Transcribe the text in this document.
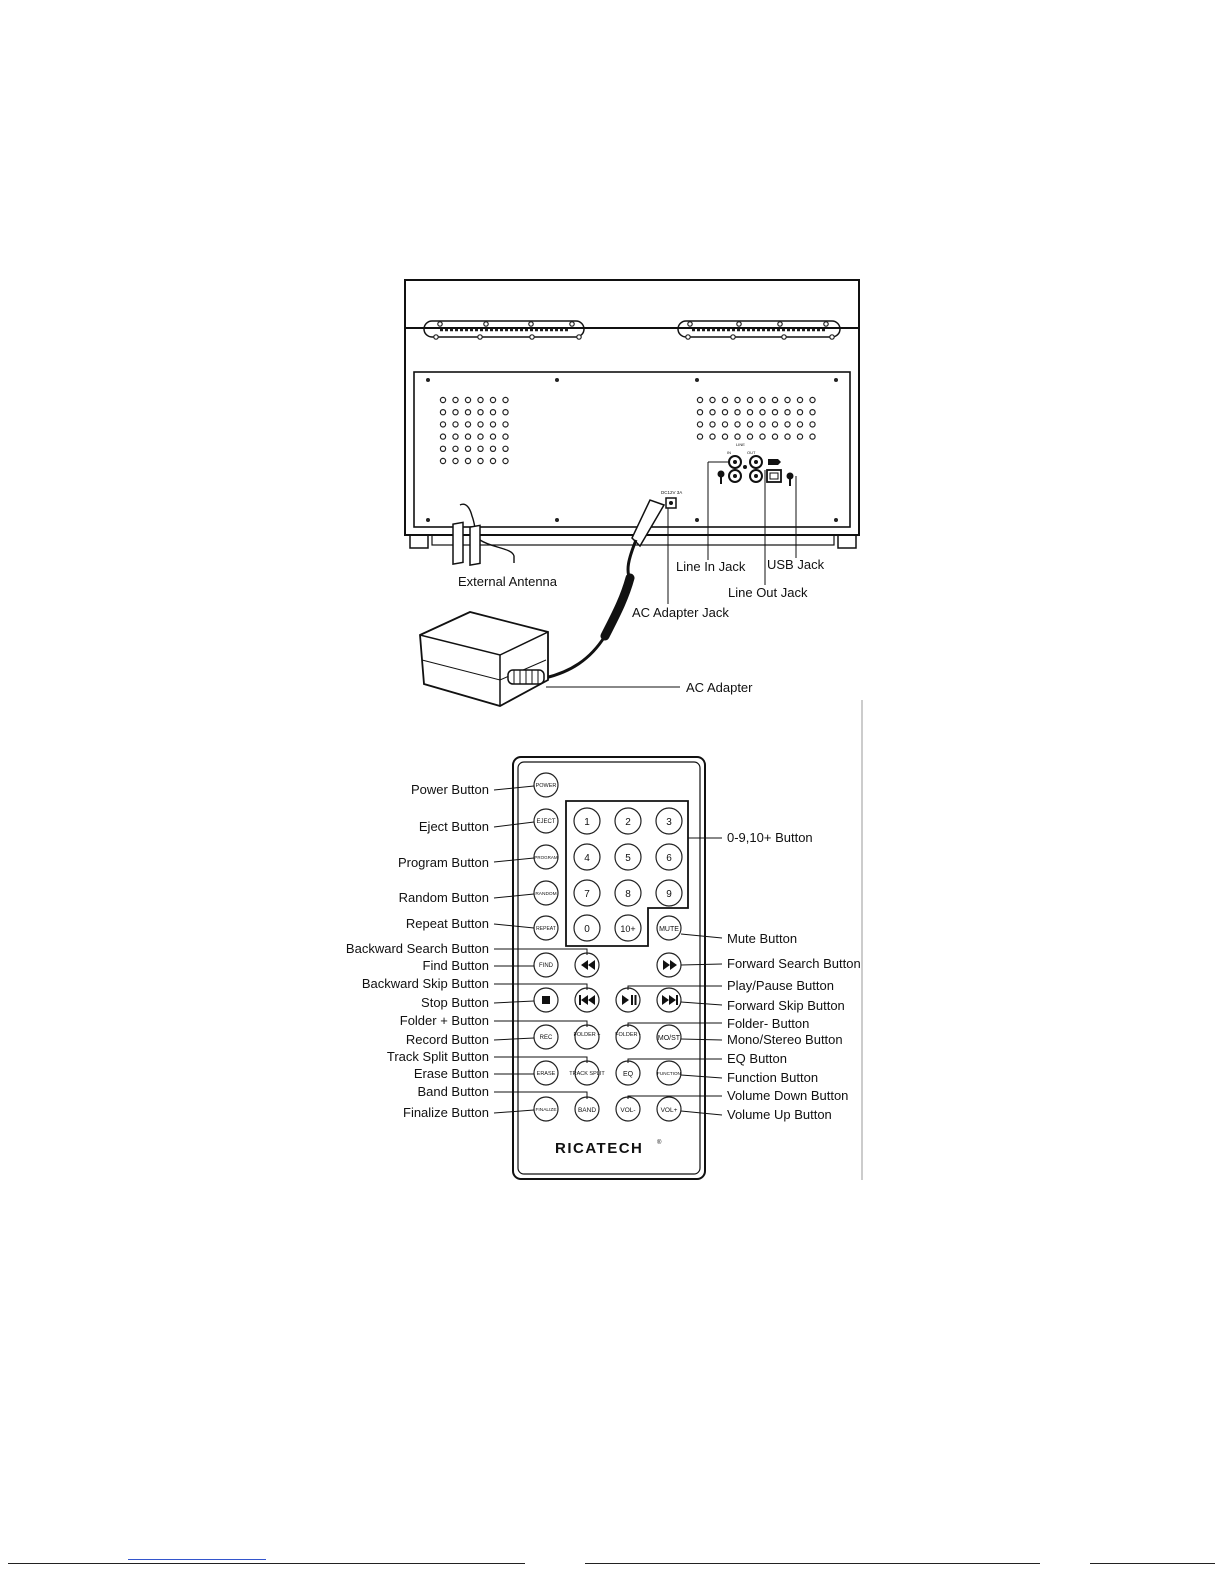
LINE
IN	OUT
DC12V 3A
External Antenna
Line In Jack USB Jack
Line Out Jack
AC Adapter Jack
AC Adapter
POWER
EJECT
PROGRAM
RANDOM
REPEAT
FIND
REC
ERASE
FINALIZE
1	2	3
4	5	6
7	8	9
0	10+	MUTE
FOLDER +	FOLDER - MO/ST
TRACK SPLIT	EQ	FUNCTION
BAND	VOL-	VOL+
RICATECH ®
Power Button
Eject Button
Program Button
Random Button
Repeat Button
Backward Search Button
Find Button
Backward Skip Button
Stop Button
Folder + Button
Record Button
Track Split Button
Erase Button
Band Button
Finalize Button
0-9,10+ Button
Mute Button
Forward Search Button
Play/Pause Button
Forward Skip Button
Folder- Button
Mono/Stereo Button
EQ Button
Function Button
Volume Down Button
Volume Up Button
